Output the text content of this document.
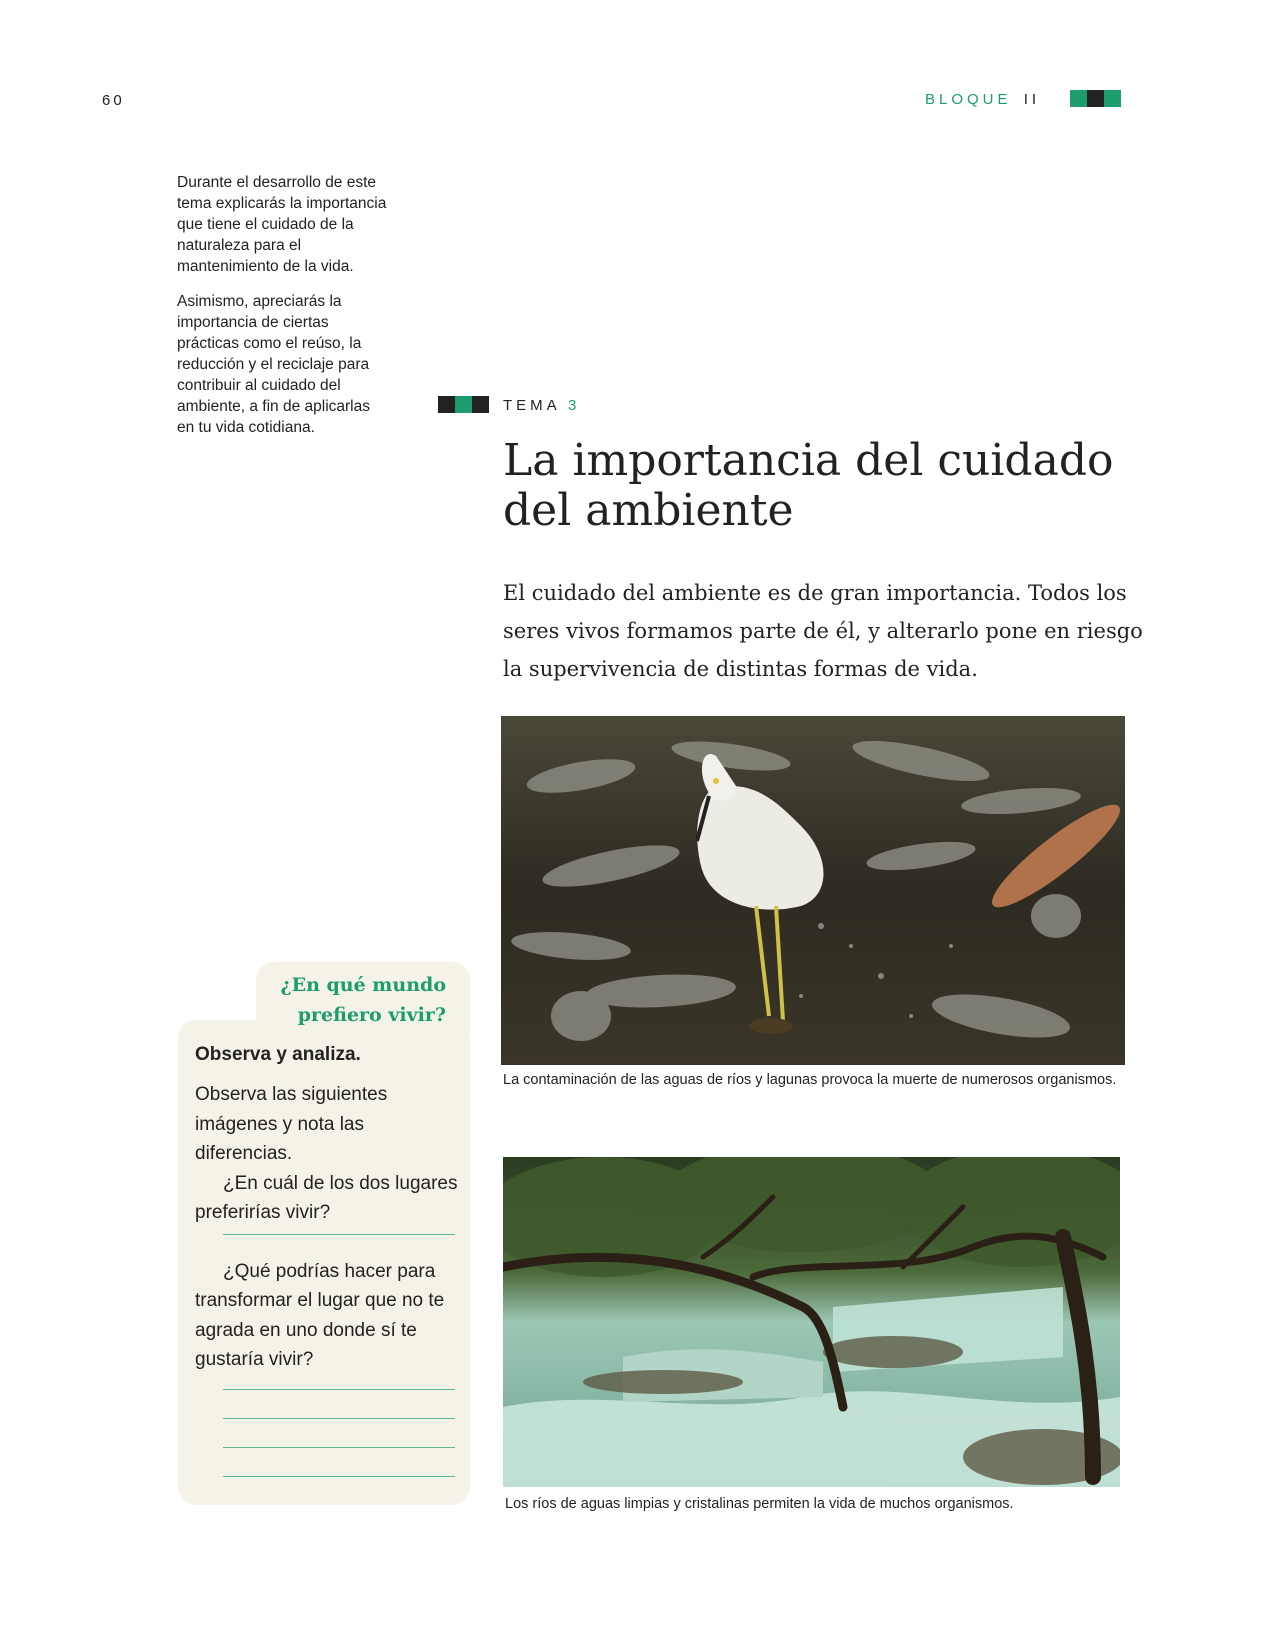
60	BLOQUE II

Durante el desarrollo de este tema explicarás la importancia que tiene el cuidado de la naturaleza para el mantenimiento de la vida.

Asimismo, apreciarás la importancia de ciertas prácticas como el reúso, la reducción y el reciclaje para contribuir al cuidado del ambiente, a fin de aplicarlas en tu vida cotidiana.

TEMA 3
La importancia del cuidado del ambiente

El cuidado del ambiente es de gran importancia. Todos los seres vivos formamos parte de él, y alterarlo pone en riesgo la supervivencia de distintas formas de vida.

La contaminación de las aguas de ríos y lagunas provoca la muerte de numerosos organismos.

Los ríos de aguas limpias y cristalinas permiten la vida de muchos organismos.

¿En qué mundo prefiero vivir?

Observa y analiza.

Observa las siguientes imágenes y nota las diferencias.

¿En cuál de los dos lugares preferirías vivir?

¿Qué podrías hacer para transformar el lugar que no te agrada en uno donde sí te gustaría vivir?
